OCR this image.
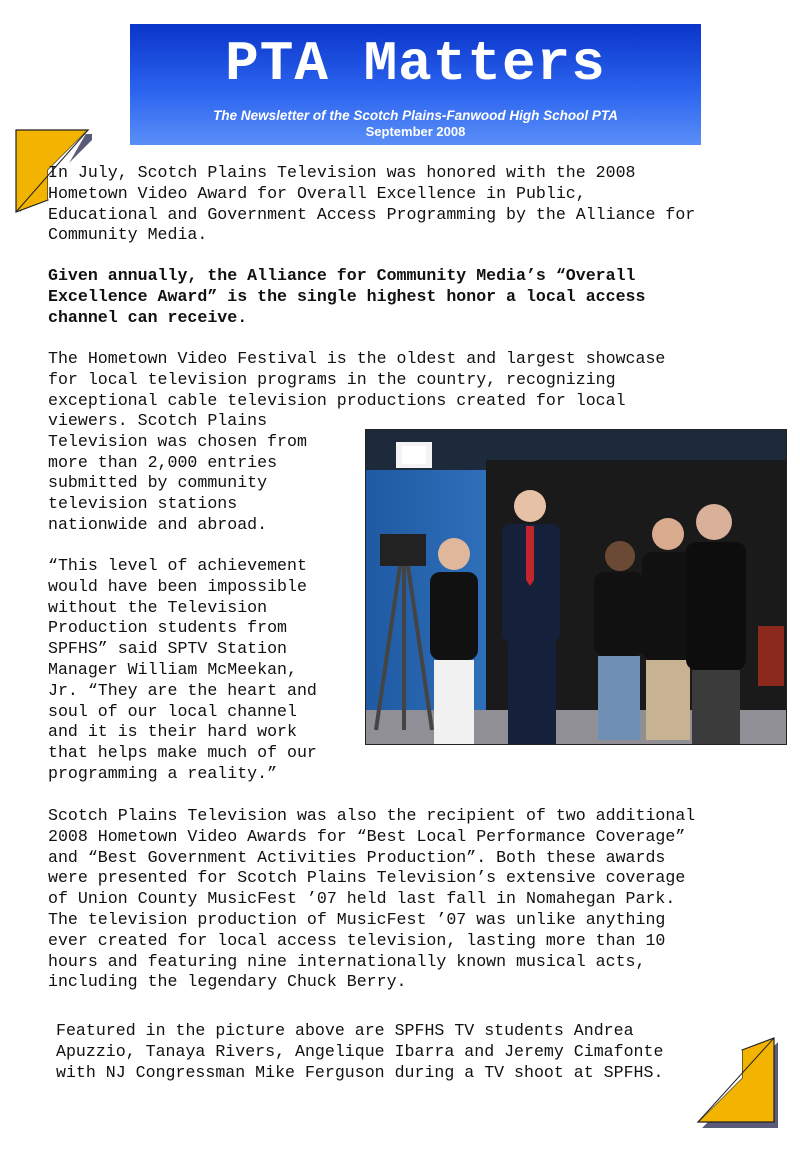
PTA Matters
The Newsletter of the Scotch Plains-Fanwood High School PTA
September 2008

In July, Scotch Plains Television was honored with the 2008
Hometown Video Award for Overall Excellence in Public,
Educational and Government Access Programming by the Alliance for
Community Media.

Given annually, the Alliance for Community Media’s “Overall
Excellence Award” is the single highest honor a local access
channel can receive.

The Hometown Video Festival is the oldest and largest showcase
for local television programs in the country, recognizing
exceptional cable television productions created for local

viewers. Scotch Plains
Television was chosen from
more than 2,000 entries
submitted by community
television stations
nationwide and abroad.

“This level of achievement
would have been impossible
without the Television
Production students from
SPFHS” said SPTV Station
Manager William McMeekan,
Jr. “They are the heart and
soul of our local channel
and it is their hard work
that helps make much of our
programming a reality.”

Scotch Plains Television was also the recipient of two additional
2008 Hometown Video Awards for “Best Local Performance Coverage”
and “Best Government Activities Production”. Both these awards
were presented for Scotch Plains Television’s extensive coverage
of Union County MusicFest ’07 held last fall in Nomahegan Park.
The television production of MusicFest ’07 was unlike anything
ever created for local access television, lasting more than 10
hours and featuring nine internationally known musical acts,
including the legendary Chuck Berry.

Featured in the picture above are SPFHS TV students Andrea
Apuzzio, Tanaya Rivers, Angelique Ibarra and Jeremy Cimafonte
with NJ Congressman Mike Ferguson during a TV shoot at SPFHS.
